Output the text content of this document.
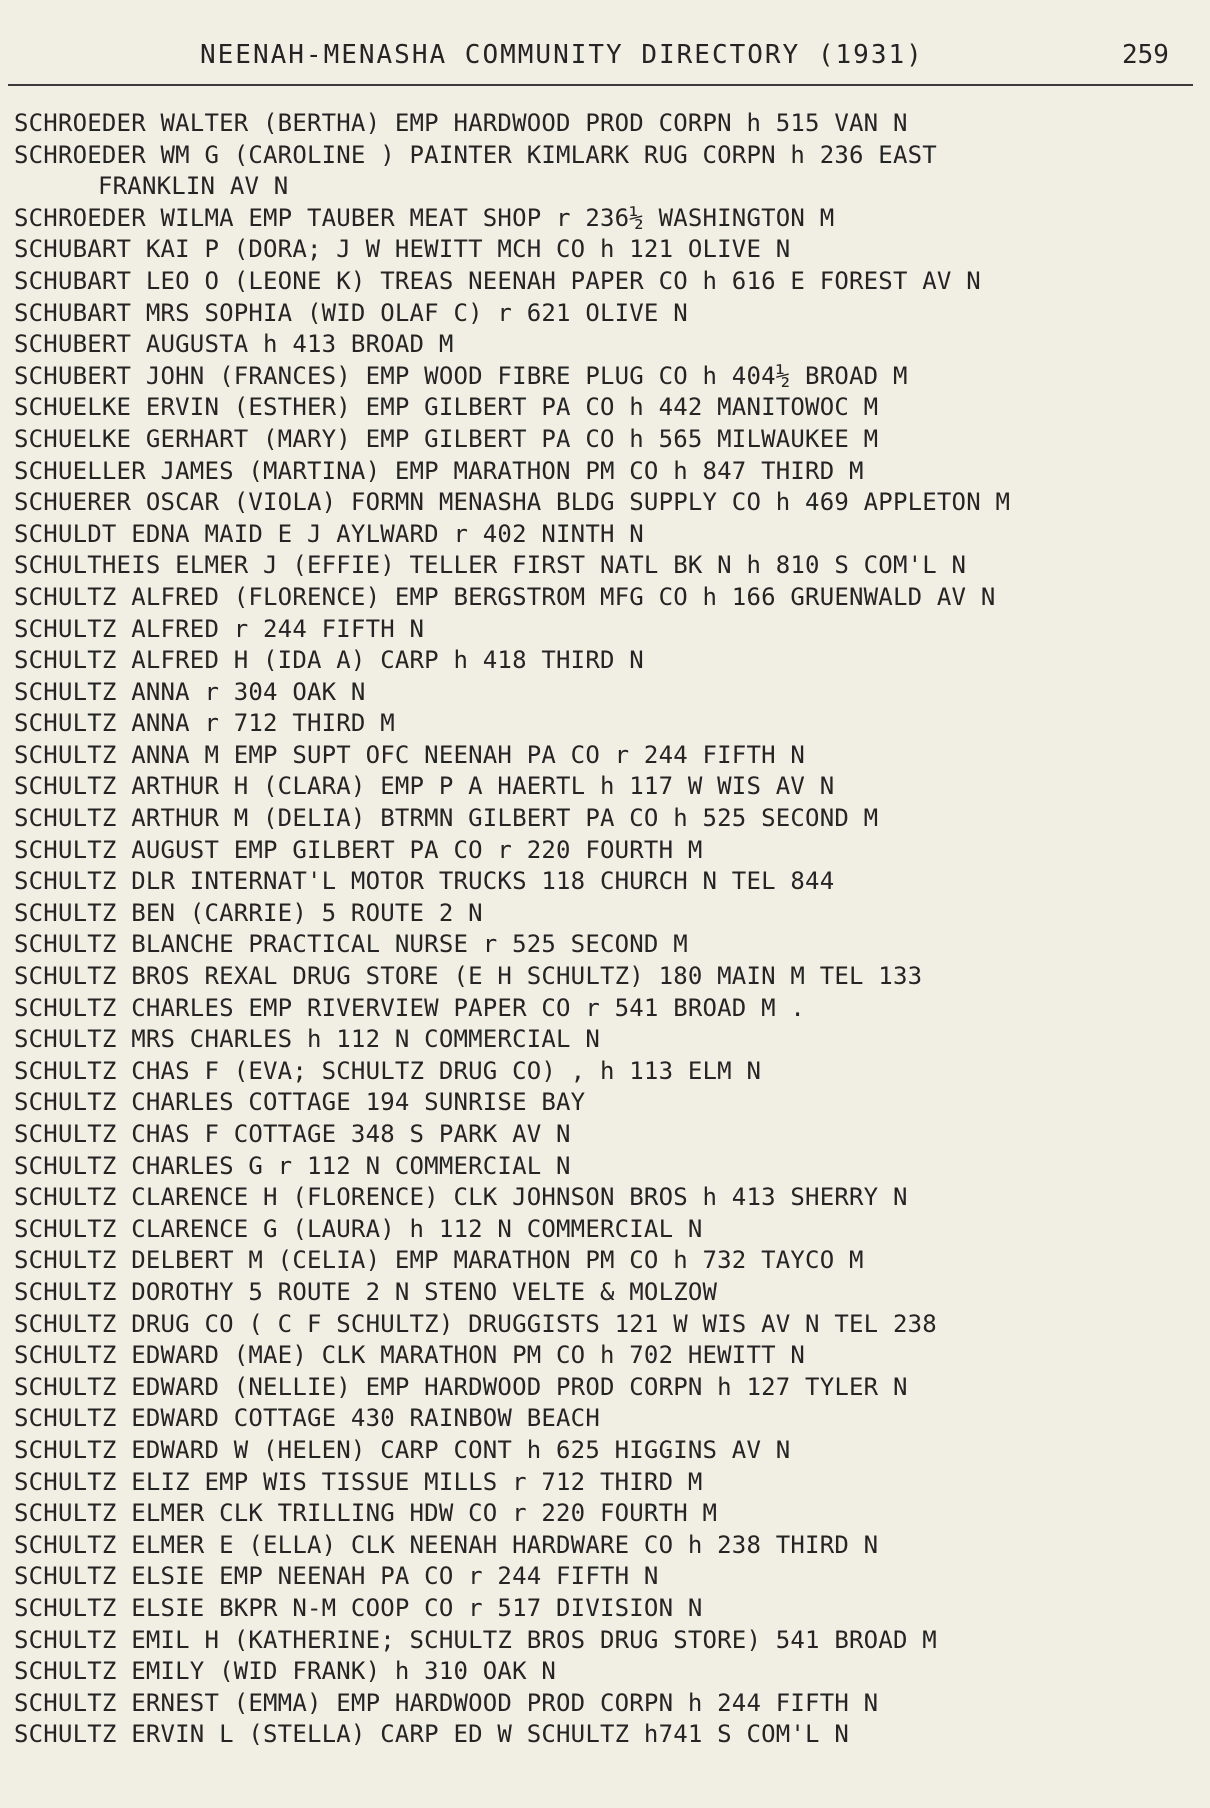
NEENAH-MENASHA COMMUNITY DIRECTORY (1931)	259
SCHROEDER WALTER (BERTHA) EMP HARDWOOD PROD CORPN h 515 VAN N
SCHROEDER WM G (CAROLINE ) PAINTER KIMLARK RUG CORPN h 236 EAST
FRANKLIN AV N
SCHROEDER WILMA EMP TAUBER MEAT SHOP r 236½ WASHINGTON M
SCHUBART KAI P (DORA; J W HEWITT MCH CO h 121 OLIVE N
SCHUBART LEO O (LEONE K) TREAS NEENAH PAPER CO h 616 E FOREST AV N
SCHUBART MRS SOPHIA (WID OLAF C) r 621 OLIVE N
SCHUBERT AUGUSTA h 413 BROAD M
SCHUBERT JOHN (FRANCES) EMP WOOD FIBRE PLUG CO h 404½ BROAD M
SCHUELKE ERVIN (ESTHER) EMP GILBERT PA CO h 442 MANITOWOC M
SCHUELKE GERHART (MARY) EMP GILBERT PA CO h 565 MILWAUKEE M
SCHUELLER JAMES (MARTINA) EMP MARATHON PM CO h 847 THIRD M
SCHUERER OSCAR (VIOLA) FORMN MENASHA BLDG SUPPLY CO h 469 APPLETON M
SCHULDT EDNA MAID E J AYLWARD r 402 NINTH N
SCHULTHEIS ELMER J (EFFIE) TELLER FIRST NATL BK N h 810 S COM'L N
SCHULTZ ALFRED (FLORENCE) EMP BERGSTROM MFG CO h 166 GRUENWALD AV N
SCHULTZ ALFRED r 244 FIFTH N
SCHULTZ ALFRED H (IDA A) CARP h 418 THIRD N
SCHULTZ ANNA r 304 OAK N
SCHULTZ ANNA r 712 THIRD M
SCHULTZ ANNA M EMP SUPT OFC NEENAH PA CO r 244 FIFTH N
SCHULTZ ARTHUR H (CLARA) EMP P A HAERTL h 117 W WIS AV N
SCHULTZ ARTHUR M (DELIA) BTRMN GILBERT PA CO h 525 SECOND M
SCHULTZ AUGUST EMP GILBERT PA CO r 220 FOURTH M
SCHULTZ DLR INTERNAT'L MOTOR TRUCKS 118 CHURCH N TEL 844
SCHULTZ BEN (CARRIE) 5 ROUTE 2 N
SCHULTZ BLANCHE PRACTICAL NURSE r 525 SECOND M
SCHULTZ BROS REXAL DRUG STORE (E H SCHULTZ) 180 MAIN M TEL 133
SCHULTZ CHARLES EMP RIVERVIEW PAPER CO r 541 BROAD M .
SCHULTZ MRS CHARLES h 112 N COMMERCIAL N
SCHULTZ CHAS F (EVA; SCHULTZ DRUG CO) , h 113 ELM N
SCHULTZ CHARLES COTTAGE 194 SUNRISE BAY
SCHULTZ CHAS F COTTAGE 348 S PARK AV N
SCHULTZ CHARLES G r 112 N COMMERCIAL N
SCHULTZ CLARENCE H (FLORENCE) CLK JOHNSON BROS h 413 SHERRY N
SCHULTZ CLARENCE G (LAURA) h 112 N COMMERCIAL N
SCHULTZ DELBERT M (CELIA) EMP MARATHON PM CO h 732 TAYCO M
SCHULTZ DOROTHY 5 ROUTE 2 N STENO VELTE & MOLZOW
SCHULTZ DRUG CO ( C F SCHULTZ) DRUGGISTS 121 W WIS AV N TEL 238
SCHULTZ EDWARD (MAE) CLK MARATHON PM CO h 702 HEWITT N
SCHULTZ EDWARD (NELLIE) EMP HARDWOOD PROD CORPN h 127 TYLER N
SCHULTZ EDWARD COTTAGE 430 RAINBOW BEACH
SCHULTZ EDWARD W (HELEN) CARP CONT h 625 HIGGINS AV N
SCHULTZ ELIZ EMP WIS TISSUE MILLS r 712 THIRD M
SCHULTZ ELMER CLK TRILLING HDW CO r 220 FOURTH M
SCHULTZ ELMER E (ELLA) CLK NEENAH HARDWARE CO h 238 THIRD N
SCHULTZ ELSIE EMP NEENAH PA CO r 244 FIFTH N
SCHULTZ ELSIE BKPR N-M COOP CO r 517 DIVISION N
SCHULTZ EMIL H (KATHERINE; SCHULTZ BROS DRUG STORE) 541 BROAD M
SCHULTZ EMILY (WID FRANK) h 310 OAK N
SCHULTZ ERNEST (EMMA) EMP HARDWOOD PROD CORPN h 244 FIFTH N
SCHULTZ ERVIN L (STELLA) CARP ED W SCHULTZ h741 S COM'L N
